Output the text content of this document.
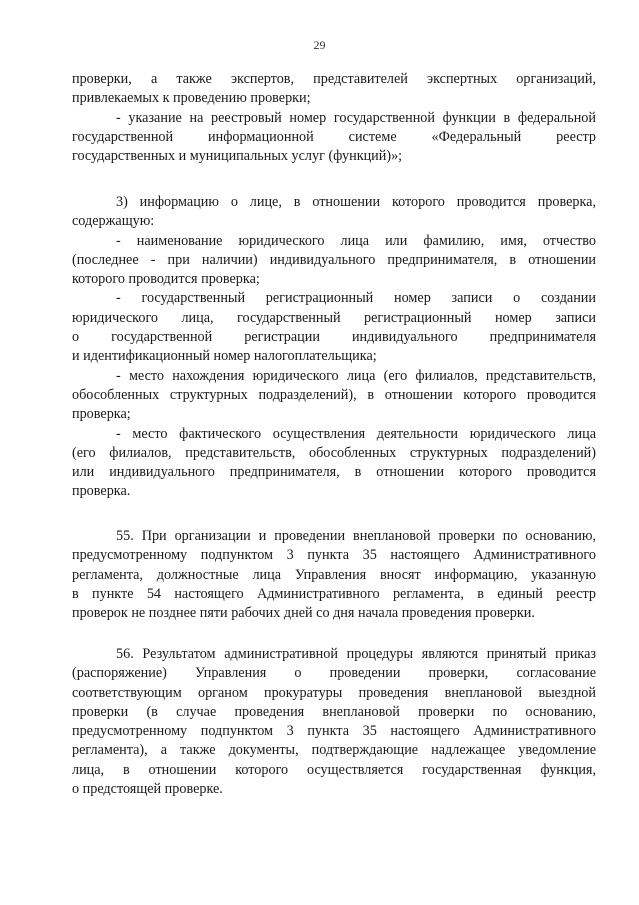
29
проверки, а также экспертов, представителей экспертных организаций,
привлекаемых к проведению проверки;
- указание на реестровый номер государственной функции в федеральной
государственной информационной системе «Федеральный реестр
государственных и муниципальных услуг (функций)»;
3) информацию о лице, в отношении которого проводится проверка,
содержащую:
- наименование юридического лица или фамилию, имя, отчество
(последнее - при наличии) индивидуального предпринимателя, в отношении
которого проводится проверка;
- государственный регистрационный номер записи о создании
юридического лица, государственный регистрационный номер записи
о государственной регистрации индивидуального предпринимателя
и идентификационный номер налогоплательщика;
- место нахождения юридического лица (его филиалов, представительств,
обособленных структурных подразделений), в отношении которого проводится
проверка;
- место фактического осуществления деятельности юридического лица
(его филиалов, представительств, обособленных структурных подразделений)
или индивидуального предпринимателя, в отношении которого проводится
проверка.
55. При организации и проведении внеплановой проверки по основанию,
предусмотренному подпунктом 3 пункта 35 настоящего Административного
регламента, должностные лица Управления вносят информацию, указанную
в пункте 54 настоящего Административного регламента, в единый реестр
проверок не позднее пяти рабочих дней со дня начала проведения проверки.
56. Результатом административной процедуры являются принятый приказ
(распоряжение) Управления о проведении проверки, согласование
соответствующим органом прокуратуры проведения внеплановой выездной
проверки (в случае проведения внеплановой проверки по основанию,
предусмотренному подпунктом 3 пункта 35 настоящего Административного
регламента), а также документы, подтверждающие надлежащее уведомление
лица, в отношении которого осуществляется государственная функция,
о предстоящей проверке.
